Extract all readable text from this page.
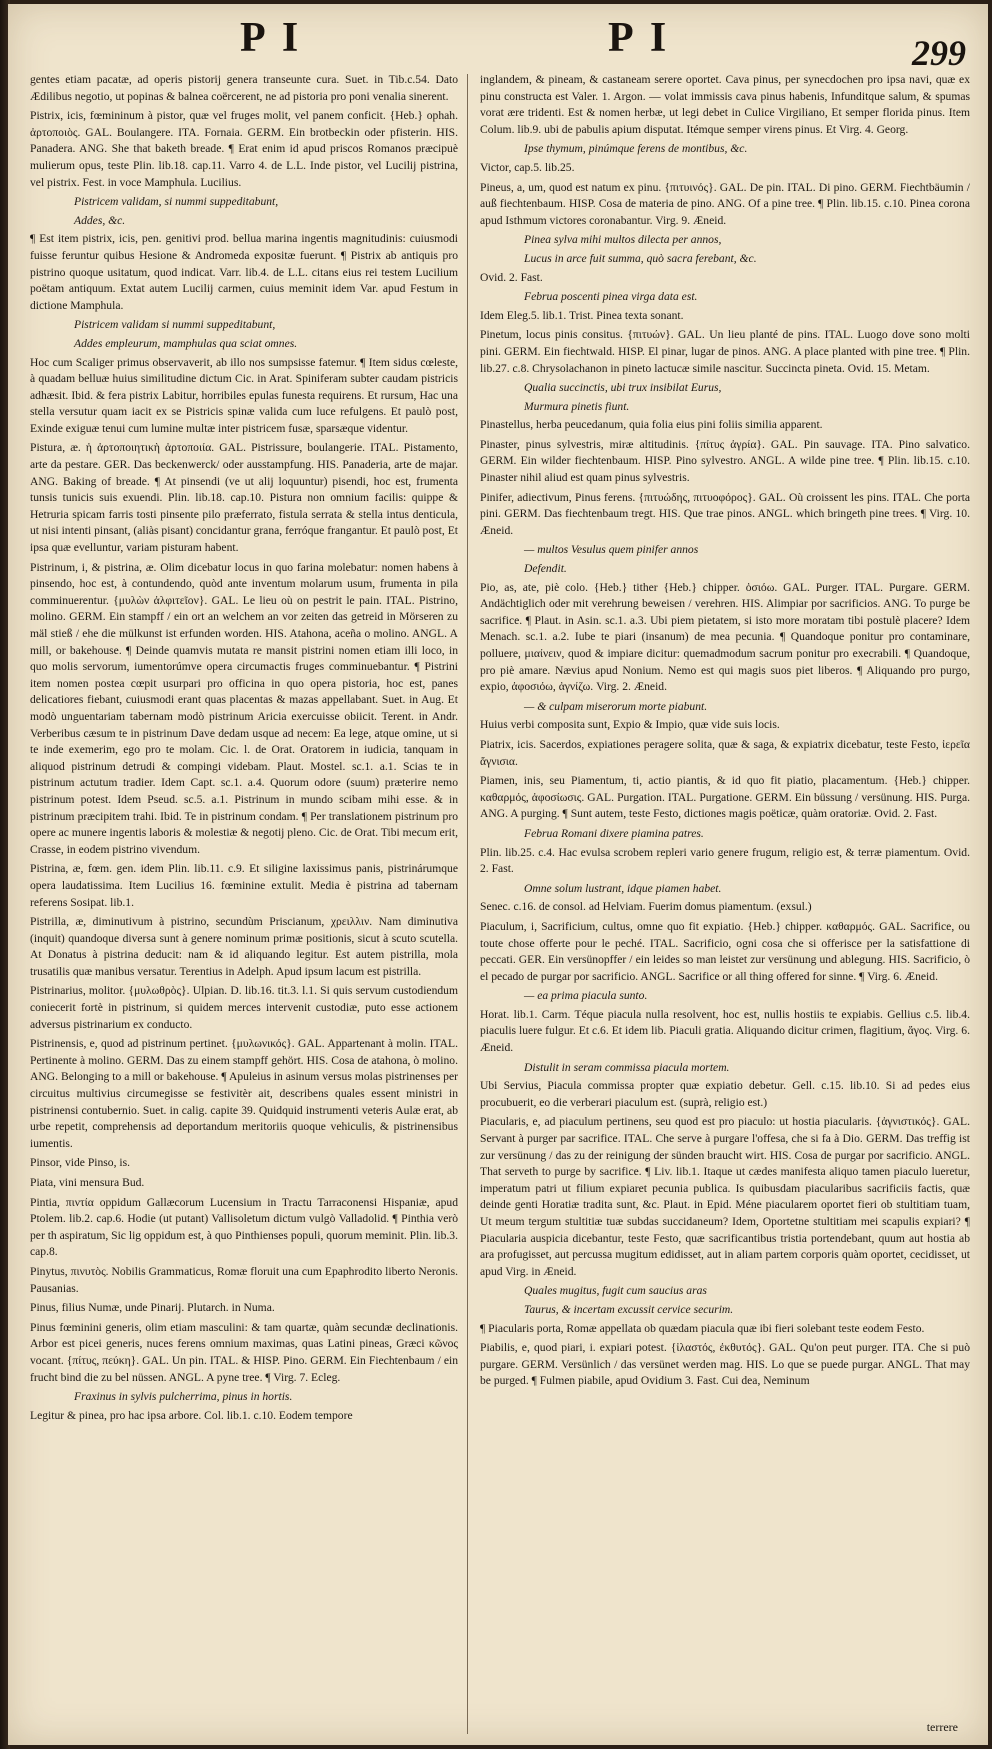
P I	P I	299
gentes etiam pacatæ, ad operis pistorij genera transeunte cura. Suet. in Tib.c.54. Dato Ædilibus negotio, ut popinas & balnea coërcerent, ne ad pistoria pro poni venalia sinerent.
Pistrix, icis, fœmininum à pistor, quæ vel fruges molit, vel panem conficit. {Heb.} ophah. ἀρτοποιὸς. GAL. Boulangere. ITA. Fornaia. GERM. Ein brotbeckin oder pfisterin. HIS. Panadera. ANG. She that baketh breade. ¶ Erat enim id apud priscos Romanos præcipuè mulierum opus, teste Plin. lib.18. cap.11. Varro 4. de L.L. Inde pistor, vel Lucilij pistrina, vel pistrix. Fest. in voce Mamphula. Lucilius.
Pistricem validam, si nummi suppeditabunt,
Addes, &c.
¶ Est item pistrix, icis, pen. genitivi prod. bellua marina ingentis magnitudinis: cuiusmodi fuisse feruntur quibus Hesione & Andromeda expositæ fuerunt. ¶ Pistrix ab antiquis pro pistrino quoque usitatum, quod indicat. Varr. lib.4. de L.L. citans eius rei testem Lucilium poëtam antiquum. Extat autem Lucilij carmen, cuius meminit idem Var. apud Festum in dictione Mamphula.
Pistricem validam si nummi suppeditabunt,
Addes empleurum, mamphulas qua sciat omnes.
Hoc cum Scaliger primus observaverit, ab illo nos sumpsisse fatemur. ¶ Item sidus cœleste, à quadam belluæ huius similitudine dictum Cic. in Arat. Spiniferam subter caudam pistricis adhæsit. Ibid. & fera pistrix Labitur, horribiles epulas funesta requirens. Et rursum, Hac una stella versutur quam iacit ex se Pistricis spinæ valida cum luce refulgens. Et paulò post, Exinde exiguæ tenui cum lumine multæ inter pistricem fusæ, sparsæque videntur.
Pistura, æ. ἡ ἀρτοποιητικὴ ἀρτοποιία. GAL. Pistrissure, boulangerie. ITAL. Pistamento, arte da pestare. GER. Das beckenwerck/ oder ausstampfung. HIS. Panaderia, arte de majar. ANG. Baking of breade. ¶ At pinsendi (ve ut alij loquuntur) pisendi, hoc est, frumenta tunsis tunicis suis exuendi. Plin. lib.18. cap.10. Pistura non omnium facilis: quippe & Hetruria spicam farris tosti pinsente pilo præferrato, fistula serrata & stella intus denticula, ut nisi intenti pinsant, (aliàs pisant) concidantur grana, ferróque frangantur. Et paulò post, Et ipsa quæ evelluntur, variam pisturam habent.
Pistrinum, i, & pistrina, æ. Olim dicebatur locus in quo farina molebatur: nomen habens à pinsendo, hoc est, à contundendo, quòd ante inventum molarum usum, frumenta in pila comminuerentur. {μυλὼν ἀλφιτεῖον}. GAL. Le lieu où on pestrit le pain. ITAL. Pistrino, molino. GERM. Ein stampff / ein ort an welchem an vor zeiten das getreid in Mörseren zu mäl stieß / ehe die mülkunst ist erfunden worden. HIS. Atahona, aceña o molino. ANGL. A mill, or bakehouse. ¶ Deinde quamvis mutata re mansit pistrini nomen etiam illi loco, in quo molis servorum, iumentorúmve opera circumactis fruges comminuebantur. ¶ Pistrini item nomen postea cœpit usurpari pro officina in quo opera pistoria, hoc est, panes delicatiores fiebant, cuiusmodi erant quas placentas & mazas appellabant. Suet. in Aug. Et modò unguentariam tabernam modò pistrinum Aricia exercuisse obiicit. Terent. in Andr. Verberibus cæsum te in pistrinum Dave dedam usque ad necem: Ea lege, atque omine, ut si te inde exemerim, ego pro te molam. Cic. l. de Orat. Oratorem in iudicia, tanquam in aliquod pistrinum detrudi & compingi videbam. Plaut. Mostel. sc.1. a.1. Scias te in pistrinum actutum tradier. Idem Capt. sc.1. a.4. Quorum odore (suum) præterire nemo pistrinum potest. Idem Pseud. sc.5. a.1. Pistrinum in mundo scibam mihi esse. & in pistrinum præcipitem trahi. Ibid. Te in pistrinum condam. ¶ Per translationem pistrinum pro opere ac munere ingentis laboris & molestiæ & negotij pleno. Cic. de Orat. Tibi mecum erit, Crasse, in eodem pistrino vivendum.
Pistrina, æ, fœm. gen. idem Plin. lib.11. c.9. Et siligine laxissimus panis, pistrinárumque opera laudatissima. Item Lucilius 16. fœminine extulit. Media è pistrina ad tabernam referens Sosipat. lib.1.
Pistrilla, æ, diminutivum à pistrino, secundùm Priscianum, χρειλλιν. Nam diminutiva (inquit) quandoque diversa sunt à genere nominum primæ positionis, sicut à scuto scutella. At Donatus à pistrina deducit: nam & id aliquando legitur. Est autem pistrilla, mola trusatilis quæ manibus versatur. Terentius in Adelph. Apud ipsum lacum est pistrilla.
Pistrinarius, molitor. {μυλωθρὸς}. Ulpian. D. lib.16. tit.3. l.1. Si quis servum custodiendum coniecerit fortè in pistrinum, si quidem merces intervenit custodiæ, puto esse actionem adversus pistrinarium ex conducto.
Pistrinensis, e, quod ad pistrinum pertinet. {μυλωνικός}. GAL. Appartenant à molin. ITAL. Pertinente à molino. GERM. Das zu einem stampff gehört. HIS. Cosa de atahona, ò molino. ANG. Belonging to a mill or bakehouse. ¶ Apuleius in asinum versus molas pistrinenses per circuitus multivius circumegisse se festivitèr ait, describens quales essent ministri in pistrinensi contubernio. Suet. in calig. capite 39. Quidquid instrumenti veteris Aulæ erat, ab urbe repetit, comprehensis ad deportandum meritoriis quoque vehiculis, & pistrinensibus iumentis.
Pinsor, vide Pinso, is.
Piata, vini mensura Bud.
Pintia, πιντία oppidum Gallæcorum Lucensium in Tractu Tarraconensi Hispaniæ, apud Ptolem. lib.2. cap.6. Hodie (ut putant) Vallisoletum dictum vulgò Valladolid. ¶ Pinthia verò per th aspiratum, Sic lig oppidum est, à quo Pinthienses populi, quorum meminit. Plin. lib.3. cap.8.
Pinytus, πινυτὸς. Nobilis Grammaticus, Romæ floruit una cum Epaphrodito liberto Neronis. Pausanias.
Pinus, filius Numæ, unde Pinarij. Plutarch. in Numa.
Pinus fœminini generis, olim etiam masculini: & tam quartæ, quàm secundæ declinationis. Arbor est picei generis, nuces ferens omnium maximas, quas Latini pineas, Græci κῶνος vocant. {πίτυς, πεύκη}. GAL. Un pin. ITAL. & HISP. Pino. GERM. Ein Fiechtenbaum / ein frucht bind die zu bel nüssen. ANGL. A pyne tree. ¶ Virg. 7. Ecleg.
Fraxinus in sylvis pulcherrima, pinus in hortis.
Legitur & pinea, pro hac ipsa arbore. Col. lib.1. c.10. Eodem tempore
inglandem, & pineam, & castaneam serere oportet. Cava pinus, per synecdochen pro ipsa navi, quæ ex pinu constructa est Valer. 1. Argon. — volat immissis cava pinus habenis, Infunditque salum, & spumas vorat ære tridenti. Est & nomen herbæ, ut legi debet in Culice Virgiliano, Et semper florida pinus. Item Colum. lib.9. ubi de pabulis apium disputat. Itémque semper virens pinus. Et Virg. 4. Georg.
Ipse thymum, pinúmque ferens de montibus, &c.
Victor, cap.5. lib.25.
Pineus, a, um, quod est natum ex pinu. {πιτυινός}. GAL. De pin. ITAL. Di pino. GERM. Fiechtbäumin / auß fiechtenbaum. HISP. Cosa de materia de pino. ANG. Of a pine tree. ¶ Plin. lib.15. c.10. Pinea corona apud Isthmum victores coronabantur. Virg. 9. Æneid.
Pinea sylva mihi multos dilecta per annos,
Lucus in arce fuit summa, quò sacra ferebant, &c.
Ovid. 2. Fast.
Februa poscenti pinea virga data est.
Idem Eleg.5. lib.1. Trist. Pinea texta sonant.
Pinetum, locus pinis consitus. {πιτυών}. GAL. Un lieu planté de pins. ITAL. Luogo dove sono molti pini. GERM. Ein fiechtwald. HISP. El pinar, lugar de pinos. ANG. A place planted with pine tree. ¶ Plin. lib.27. c.8. Chrysolachanon in pineto lactucæ simile nascitur. Succincta pineta. Ovid. 15. Metam.
Qualia succinctis, ubi trux insibilat Eurus,
Murmura pinetis fiunt.
Pinastellus, herba peucedanum, quia folia eius pini foliis similia apparent.
Pinaster, pinus sylvestris, miræ altitudinis. {πίτυς ἀγρία}. GAL. Pin sauvage. ITA. Pino salvatico. GERM. Ein wilder fiechtenbaum. HISP. Pino sylvestro. ANGL. A wilde pine tree. ¶ Plin. lib.15. c.10. Pinaster nihil aliud est quam pinus sylvestris.
Pinifer, adiectivum, Pinus ferens. {πιτυώδης, πιτυοφόρος}. GAL. Où croissent les pins. ITAL. Che porta pini. GERM. Das fiechtenbaum tregt. HIS. Que trae pinos. ANGL. which bringeth pine trees. ¶ Virg. 10. Æneid.
— multos Vesulus quem pinifer annos
Defendit.
Pio, as, ate, piè colo. {Heb.} tither {Heb.} chipper. ὁσιόω. GAL. Purger. ITAL. Purgare. GERM. Andächtiglich oder mit verehrung beweisen / verehren. HIS. Alimpiar por sacrificios. ANG. To purge be sacrifice. ¶ Plaut. in Asin. sc.1. a.3. Ubi piem pietatem, si isto more moratam tibi postulè placere? Idem Menach. sc.1. a.2. Iube te piari (insanum) de mea pecunia. ¶ Quandoque ponitur pro contaminare, polluere, μιαίνειν, quod & impiare dicitur: quemadmodum sacrum ponitur pro execrabili. ¶ Quandoque, pro piè amare. Nævius apud Nonium. Nemo est qui magis suos piet liberos. ¶ Aliquando pro purgo, expio, ἀφοσιόω, ἁγνίζω. Virg. 2. Æneid.
— & culpam miserorum morte piabunt.
Huius verbi composita sunt, Expio & Impio, quæ vide suis locis.
Piatrix, icis. Sacerdos, expiationes peragere solita, quæ & saga, & expiatrix dicebatur, teste Festo, ἱερεῖα ἄγνισια.
Piamen, inis, seu Piamentum, ti, actio piantis, & id quo fit piatio, placamentum. {Heb.} chipper. καθαρμός, ἀφοσίωσις. GAL. Purgation. ITAL. Purgatione. GERM. Ein büssung / versünung. HIS. Purga. ANG. A purging. ¶ Sunt autem, teste Festo, dictiones magis poëticæ, quàm oratoriæ. Ovid. 2. Fast.
Februa Romani dixere piamina patres.
Plin. lib.25. c.4. Hac evulsa scrobem repleri vario genere frugum, religio est, & terræ piamentum. Ovid. 2. Fast.
Omne solum lustrant, idque piamen habet.
Senec. c.16. de consol. ad Helviam. Fuerim domus piamentum. (exsul.)
Piaculum, i, Sacrificium, cultus, omne quo fit expiatio. {Heb.} chipper. καθαρμός. GAL. Sacrifice, ou toute chose offerte pour le peché. ITAL. Sacrificio, ogni cosa che si offerisce per la satisfattione di peccati. GER. Ein versünopffer / ein leides so man leistet zur versünung und ablegung. HIS. Sacrificio, ò el pecado de purgar por sacrificio. ANGL. Sacrifice or all thing offered for sinne. ¶ Virg. 6. Æneid.
— ea prima piacula sunto.
Horat. lib.1. Carm. Téque piacula nulla resolvent, hoc est, nullis hostiis te expiabis. Gellius c.5. lib.4. piaculis luere fulgur. Et c.6. Et idem lib. Piaculi gratia. Aliquando dicitur crimen, flagitium, ἄγος. Virg. 6. Æneid.
Distulit in seram commissa piacula mortem.
Ubi Servius, Piacula commissa propter quæ expiatio debetur. Gell. c.15. lib.10. Si ad pedes eius procubuerit, eo die verberari piaculum est. (suprà, religio est.)
Piacularis, e, ad piaculum pertinens, seu quod est pro piaculo: ut hostia piacularis. {ἁγνιστικός}. GAL. Servant à purger par sacrifice. ITAL. Che serve à purgare l'offesa, che si fa à Dio. GERM. Das treffig ist zur versünung / das zu der reinigung der sünden braucht wirt. HIS. Cosa de purgar por sacrificio. ANGL. That serveth to purge by sacrifice. ¶ Liv. lib.1. Itaque ut cædes manifesta aliquo tamen piaculo lueretur, imperatum patri ut filium expiaret pecunia publica. Is quibusdam piacularibus sacrificiis factis, quæ deinde genti Horatiæ tradita sunt, &c. Plaut. in Epid. Méne piacularem oportet fieri ob stultitiam tuam, Ut meum tergum stultitiæ tuæ subdas succidaneum? Idem, Oportetne stultitiam mei scapulis expiari? ¶ Piacularia auspicia dicebantur, teste Festo, quæ sacrificantibus tristia portendebant, quum aut hostia ab ara profugisset, aut percussa mugitum edidisset, aut in aliam partem corporis quàm oportet, cecidisset, ut apud Virg. in Æneid.
Quales mugitus, fugit cum saucius aras
Taurus, & incertam excussit cervice securim.
¶ Piacularis porta, Romæ appellata ob quædam piacula quæ ibi fieri solebant teste eodem Festo.
Piabilis, e, quod piari, i. expiari potest. {ἱλαστός, ἐκθυτός}. GAL. Qu'on peut purger. ITA. Che si può purgare. GERM. Versünlich / das versünet werden mag. HIS. Lo que se puede purgar. ANGL. That may be purged. ¶ Fulmen piabile, apud Ovidium 3. Fast. Cui dea, Neminum
terrere
